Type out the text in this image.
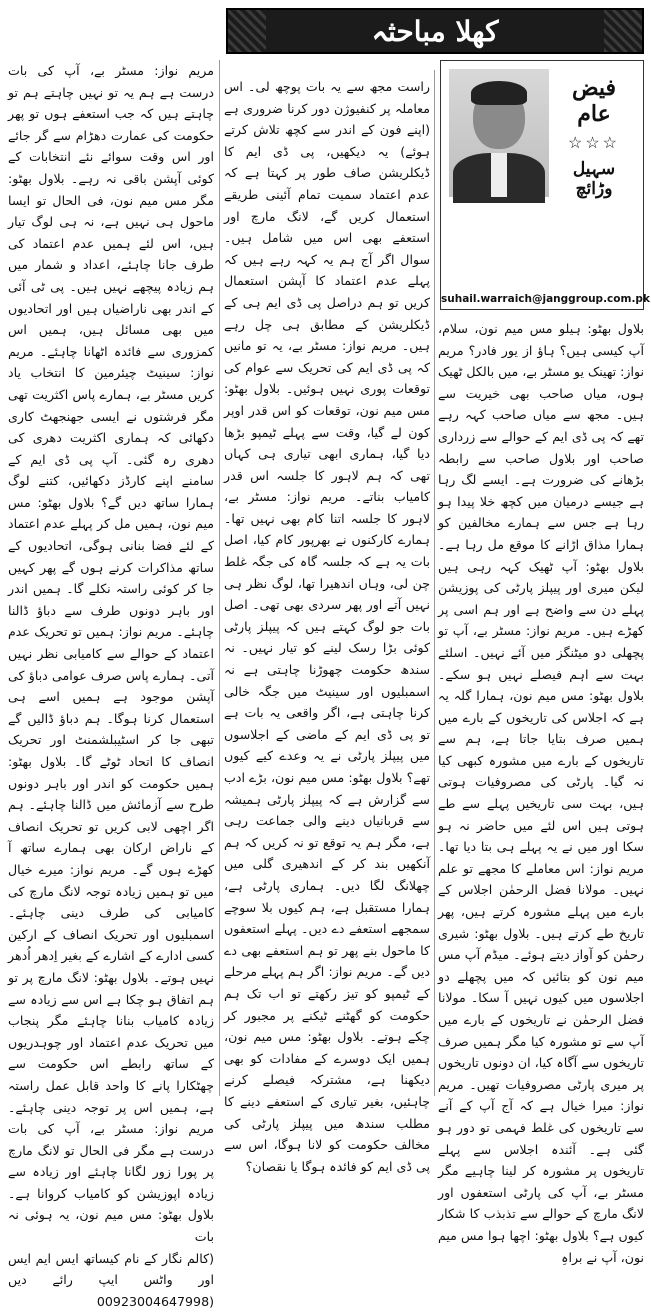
کھلا مباحثہ
فیض عام
☆☆☆
سہیل وڑائچ
suhail.warraich@janggroup.com.pk

بلاول بھٹو: ہیلو مس میم نون، سلام، آپ کیسی ہیں؟ ہاؤ از یور فادر؟ مریم نواز: تھینک یو مسٹر بے، میں بالکل ٹھیک ہوں، میاں صاحب بھی خیریت سے ہیں۔ مجھ سے میاں صاحب کہہ رہے تھے کہ پی ڈی ایم کے حوالے سے زرداری صاحب اور بلاول صاحب سے رابطہ بڑھانے کی ضرورت ہے۔ ایسے لگ رہا ہے جیسے درمیان میں کچھ خلا پیدا ہو رہا ہے جس سے ہمارے مخالفین کو ہمارا مذاق اڑانے کا موقع مل رہا ہے۔ بلاول بھٹو: آپ ٹھیک کہہ رہی ہیں لیکن میری اور پیپلز پارٹی کی پوزیشن پہلے دن سے واضح ہے اور ہم اسی پر کھڑے ہیں۔ مریم نواز: مسٹر بے، آپ تو پچھلی دو میٹنگز میں آئے نہیں۔ اسلئے بہت سے اہم فیصلے نہیں ہو سکے۔ بلاول بھٹو: مس میم نون، ہمارا گلہ یہ ہے کہ اجلاس کی تاریخوں کے بارے میں ہمیں صرف بتایا جاتا ہے، ہم سے تاریخوں کے بارے میں مشورہ کبھی کیا نہ گیا۔ پارٹی کی مصروفیات ہوتی ہیں، بہت سی تاریخیں پہلے سے طے ہوتی ہیں اس لئے میں حاضر نہ ہو سکا اور میں نے یہ پہلے ہی بتا دیا تھا۔ مریم نواز: اس معاملے کا مجھے تو علم نہیں۔ مولانا فضل الرحمٰن اجلاس کے بارے میں پہلے مشورہ کرتے ہیں، پھر تاریخ طے کرتے ہیں۔ بلاول بھٹو: شیری رحمٰن کو آواز دیتے ہوئے۔ میڈم آپ مس میم نون کو بتائیں کہ میں پچھلے دو اجلاسوں میں کیوں نہیں آ سکا۔ مولانا فضل الرحمٰن نے تاریخوں کے بارے میں آپ سے تو مشورہ کیا مگر ہمیں صرف تاریخوں سے آگاہ کیا، ان دونوں تاریخوں پر میری پارٹی مصروفیات تھیں۔ مریم نواز: میرا خیال ہے کہ آج آپ کے آنے سے تاریخوں کی غلط فہمی تو دور ہو گئی ہے۔ آئندہ اجلاس سے پہلے تاریخوں پر مشورہ کر لینا چاہیے مگر مسٹر بے، آپ کی پارٹی استعفوں اور لانگ مارچ کے حوالے سے تذبذب کا شکار کیوں ہے؟ بلاول بھٹو: اچھا ہوا مس میم نون، آپ نے براہِ

راست مجھ سے یہ بات پوچھ لی۔ اس معاملہ پر کنفیوژن دور کرنا ضروری ہے (اپنے فون کے اندر سے کچھ تلاش کرتے ہوئے) یہ دیکھیں، پی ڈی ایم کا ڈیکلریشن صاف طور پر کہتا ہے کہ عدم اعتماد سمیت تمام آئینی طریقے استعمال کریں گے، لانگ مارچ اور استعفے بھی اس میں شامل ہیں۔ سوال اگر آج ہم یہ کہہ رہے ہیں کہ پہلے عدم اعتماد کا آپشن استعمال کریں تو ہم دراصل پی ڈی ایم ہی کے ڈیکلریشن کے مطابق ہی چل رہے ہیں۔ مریم نواز: مسٹر بے، یہ تو مانیں کہ پی ڈی ایم کی تحریک سے عوام کی توقعات پوری نہیں ہوئیں۔ بلاول بھٹو: مس میم نون، توقعات کو اس قدر اوپر کون لے گیا، وقت سے پہلے ٹیمپو بڑھا دیا گیا، ہماری ابھی تیاری ہی کہاں تھی کہ ہم لاہور کا جلسہ اس قدر کامیاب بناتے۔ مریم نواز: مسٹر بے، لاہور کا جلسہ اتنا کام بھی نہیں تھا۔ ہمارے کارکنوں نے بھرپور کام کیا، اصل بات یہ ہے کہ جلسہ گاہ کی جگہ غلط چن لی، وہاں اندھیرا تھا، لوگ نظر ہی نہیں آتے اور پھر سردی بھی تھی۔ اصل بات جو لوگ کہتے ہیں کہ پیپلز پارٹی کوئی بڑا رسک لینے کو تیار نہیں۔ نہ سندھ حکومت چھوڑنا چاہتی ہے نہ اسمبلیوں اور سینیٹ میں جگہ خالی کرنا چاہتی ہے، اگر واقعی یہ بات ہے تو پی ڈی ایم کے ماضی کے اجلاسوں میں پیپلز پارٹی نے یہ وعدے کیے کیوں تھے؟ بلاول بھٹو: مس میم نون، بڑے ادب سے گزارش ہے کہ پیپلز پارٹی ہمیشہ سے قربانیاں دینے والی جماعت رہی ہے، مگر ہم یہ توقع تو نہ کریں کہ ہم آنکھیں بند کر کے اندھیری گلی میں چھلانگ لگا دیں۔ ہماری پارٹی ہے، ہمارا مستقبل ہے، ہم کیوں بلا سوچے سمجھے استعفے دے دیں۔ پہلے استعفوں کا ماحول بنے پھر تو ہم استعفے بھی دے دیں گے۔ مریم نواز: اگر ہم پہلے مرحلے کے ٹیمپو کو تیز رکھتے تو اب تک ہم حکومت کو گھٹنے ٹیکنے پر مجبور کر چکے ہوتے۔ بلاول بھٹو: مس میم نون، ہمیں ایک دوسرے کے مفادات کو بھی دیکھنا ہے، مشترکہ فیصلے کرنے چاہئیں، بغیر تیاری کے استعفے دینے کا مطلب سندھ میں پیپلز پارٹی کی مخالف حکومت کو لانا ہوگا، اس سے پی ڈی ایم کو فائدہ ہوگا یا نقصان؟

مریم نواز: مسٹر بے، آپ کی بات درست ہے ہم یہ تو نہیں چاہتے ہم تو چاہتے ہیں کہ جب استعفے ہوں تو پھر حکومت کی عمارت دھڑام سے گر جائے اور اس وقت سوائے نئے انتخابات کے کوئی آپشن باقی نہ رہے۔ بلاول بھٹو: مگر مس میم نون، فی الحال تو ایسا ماحول ہی نہیں ہے، نہ ہی لوگ تیار ہیں، اس لئے ہمیں عدم اعتماد کی طرف جانا چاہئے، اعداد و شمار میں ہم زیادہ پیچھے نہیں ہیں۔ پی ٹی آئی کے اندر بھی ناراضیاں ہیں اور اتحادیوں میں بھی مسائل ہیں، ہمیں اس کمزوری سے فائدہ اٹھانا چاہئے۔ مریم نواز: سینیٹ چیئرمین کا انتخاب یاد کریں مسٹر بے، ہمارے پاس اکثریت تھی مگر فرشتوں نے ایسی جھنجھٹ کاری دکھائی کہ ہماری اکثریت دھری کی دھری رہ گئی۔ آپ پی ڈی ایم کے سامنے اپنے کارڈز دکھائیں، کتنے لوگ ہمارا ساتھ دیں گے؟ بلاول بھٹو: مس میم نون، ہمیں مل کر پہلے عدم اعتماد کے لئے فضا بنانی ہوگی، اتحادیوں کے ساتھ مذاکرات کرنے ہوں گے پھر کہیں جا کر کوئی راستہ نکلے گا۔ ہمیں اندر اور باہر دونوں طرف سے دباؤ ڈالنا چاہئے۔ مریم نواز: ہمیں تو تحریک عدم اعتماد کے حوالے سے کامیابی نظر نہیں آتی۔ ہمارے پاس صرف عوامی دباؤ کی آپشن موجود ہے ہمیں اسے ہی استعمال کرنا ہوگا۔ ہم دباؤ ڈالیں گے تبھی جا کر اسٹیبلشمنٹ اور تحریک انصاف کا اتحاد ٹوٹے گا۔ بلاول بھٹو: ہمیں حکومت کو اندر اور باہر دونوں طرح سے آزمائش میں ڈالنا چاہئے۔ ہم اگر اچھی لابی کریں تو تحریک انصاف کے ناراض ارکان بھی ہمارے ساتھ آ کھڑے ہوں گے۔ مریم نواز: میرے خیال میں تو ہمیں زیادہ توجہ لانگ مارچ کی کامیابی کی طرف دینی چاہئے۔ اسمبلیوں اور تحریک انصاف کے ارکین کسی ادارے کے اشارے کے بغیر اِدھر اُدھر نہیں ہوتے۔ بلاول بھٹو: لانگ مارچ پر تو ہم اتفاق ہو چکا ہے اس سے زیادہ سے زیادہ کامیاب بنانا چاہئے مگر پنجاب میں تحریک عدم اعتماد اور چوہدریوں کے ساتھ رابطے اس حکومت سے چھٹکارا پانے کا واحد قابل عمل راستہ ہے، ہمیں اس پر توجہ دینی چاہئے۔ مریم نواز: مسٹر بے، آپ کی بات درست ہے مگر فی الحال تو لانگ مارچ پر پورا زور لگانا چاہئے اور زیادہ سے زیادہ اپوزیشن کو کامیاب کروانا ہے۔ بلاول بھٹو: مس میم نون، یہ ہوئی نہ بات

(کالم نگار کے نام کیساتھ ایس ایم ایس اور واٹس ایپ رائے دیں 00923004647998)
